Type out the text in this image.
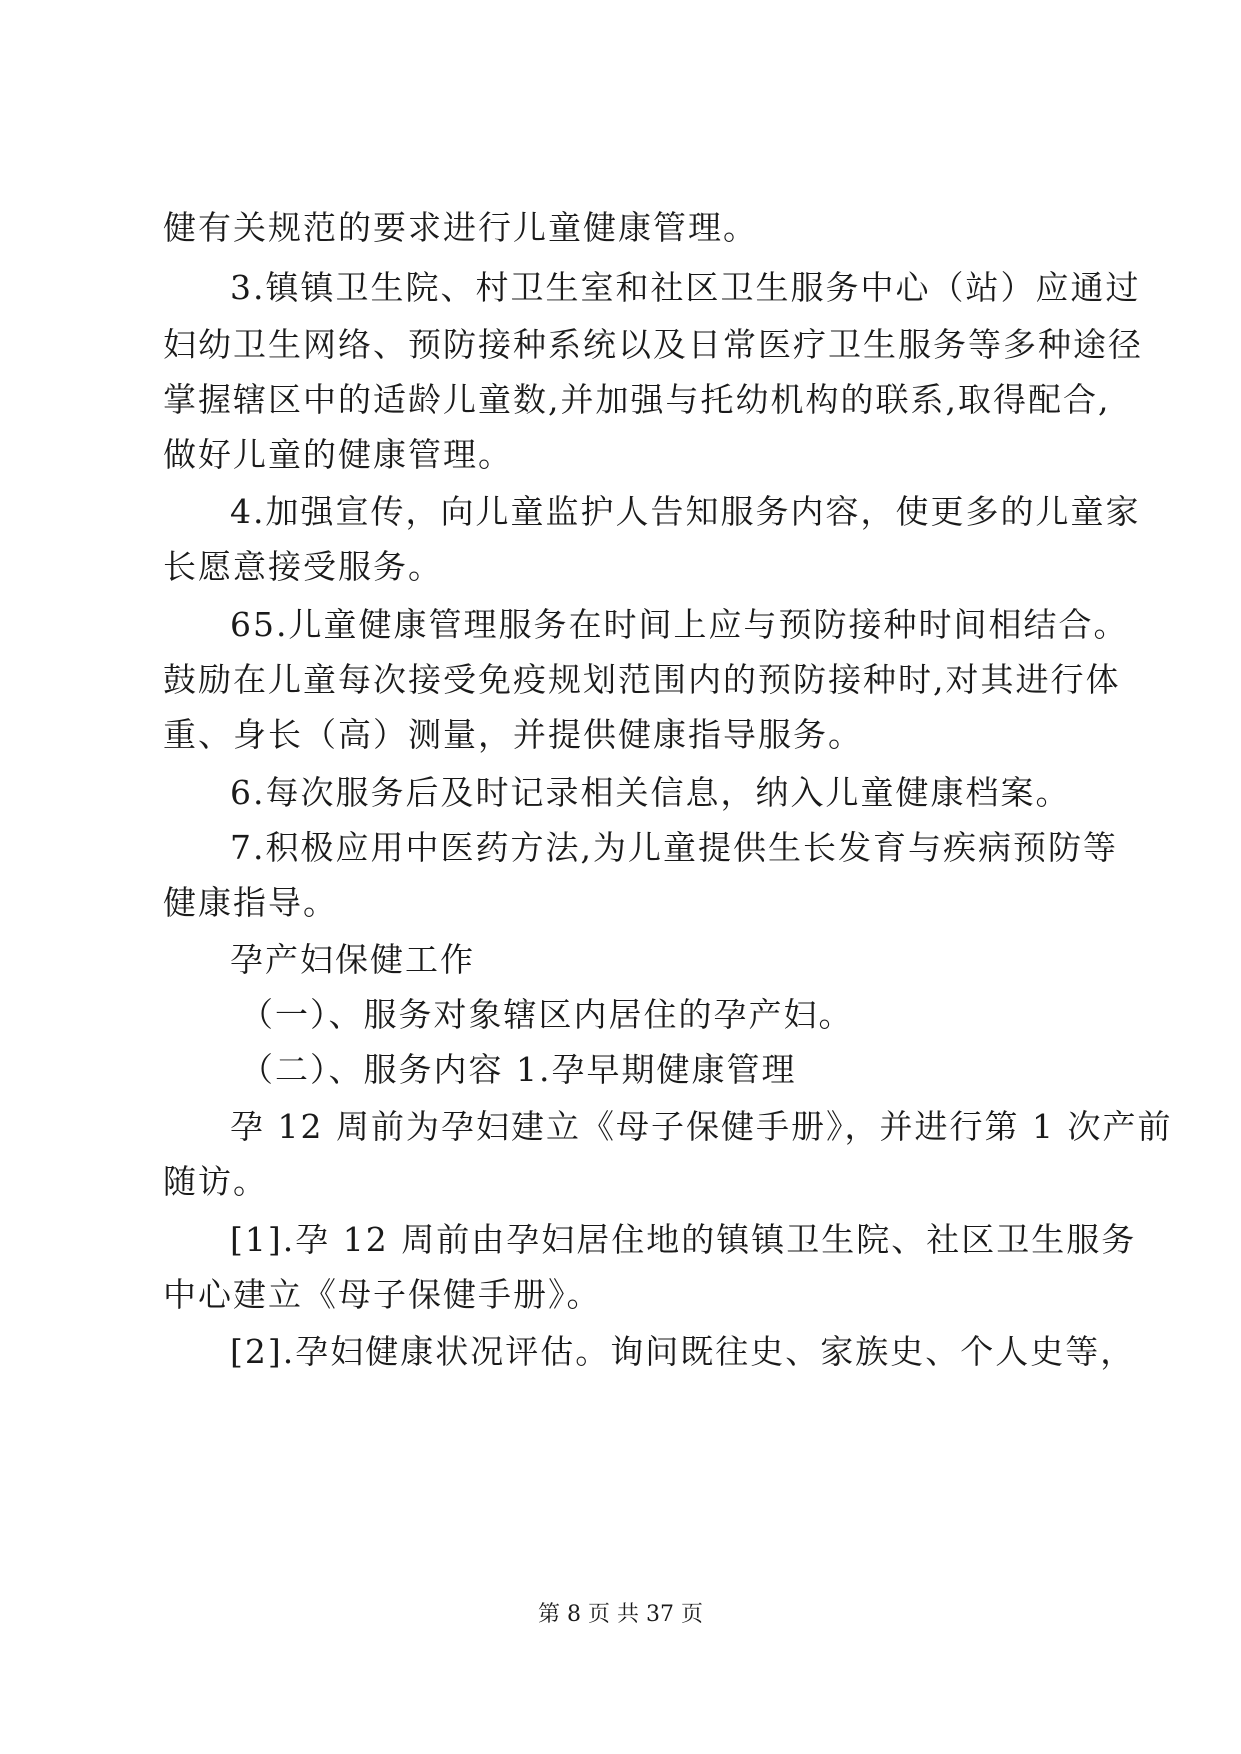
健有关规范的要求进行儿童健康管理。
3.镇镇卫生院、村卫生室和社区卫生服务中心（站）应通过
妇幼卫生网络、预防接种系统以及日常医疗卫生服务等多种途径
掌握辖区中的适龄儿童数,并加强与托幼机构的联系,取得配合,
做好儿童的健康管理。
4.加强宣传，向儿童监护人告知服务内容，使更多的儿童家
长愿意接受服务。
65.儿童健康管理服务在时间上应与预防接种时间相结合。
鼓励在儿童每次接受免疫规划范围内的预防接种时,对其进行体
重、身长（高）测量，并提供健康指导服务。
6.每次服务后及时记录相关信息，纳入儿童健康档案。
7.积极应用中医药方法,为儿童提供生长发育与疾病预防等
健康指导。
孕产妇保健工作
（一）、服务对象辖区内居住的孕产妇。
（二）、服务内容 1.孕早期健康管理
孕 12 周前为孕妇建立《母子保健手册》，并进行第 1 次产前
随访。
[1].孕 12 周前由孕妇居住地的镇镇卫生院、社区卫生服务
中心建立《母子保健手册》。
[2].孕妇健康状况评估。询问既往史、家族史、个人史等，
第 8 页 共 37 页
